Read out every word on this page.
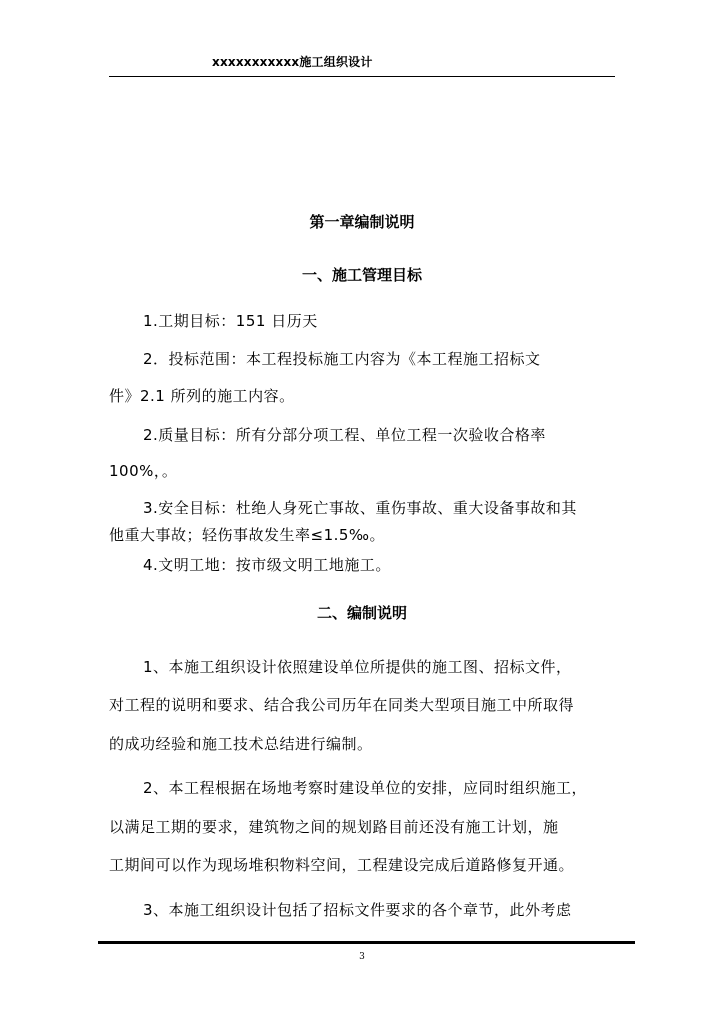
xxxxxxxxxxx施工组织设计
第一章编制说明
一、施工管理目标
1.工期目标：151 日历天
2．投标范围：本工程投标施工内容为《本工程施工招标文
件》2.1 所列的施工内容。
2.质量目标：所有分部分项工程、单位工程一次验收合格率
100%，。
3.安全目标：杜绝人身死亡事故、重伤事故、重大设备事故和其
他重大事故；轻伤事故发生率≤1.5‰。
4.文明工地：按市级文明工地施工。
二、编制说明
1、本施工组织设计依照建设单位所提供的施工图、招标文件，
对工程的说明和要求、结合我公司历年在同类大型项目施工中所取得
的成功经验和施工技术总结进行编制。
2、本工程根据在场地考察时建设单位的安排，应同时组织施工，
以满足工期的要求，建筑物之间的规划路目前还没有施工计划，施
工期间可以作为现场堆积物料空间，工程建设完成后道路修复开通。
3、本施工组织设计包括了招标文件要求的各个章节，此外考虑
3
